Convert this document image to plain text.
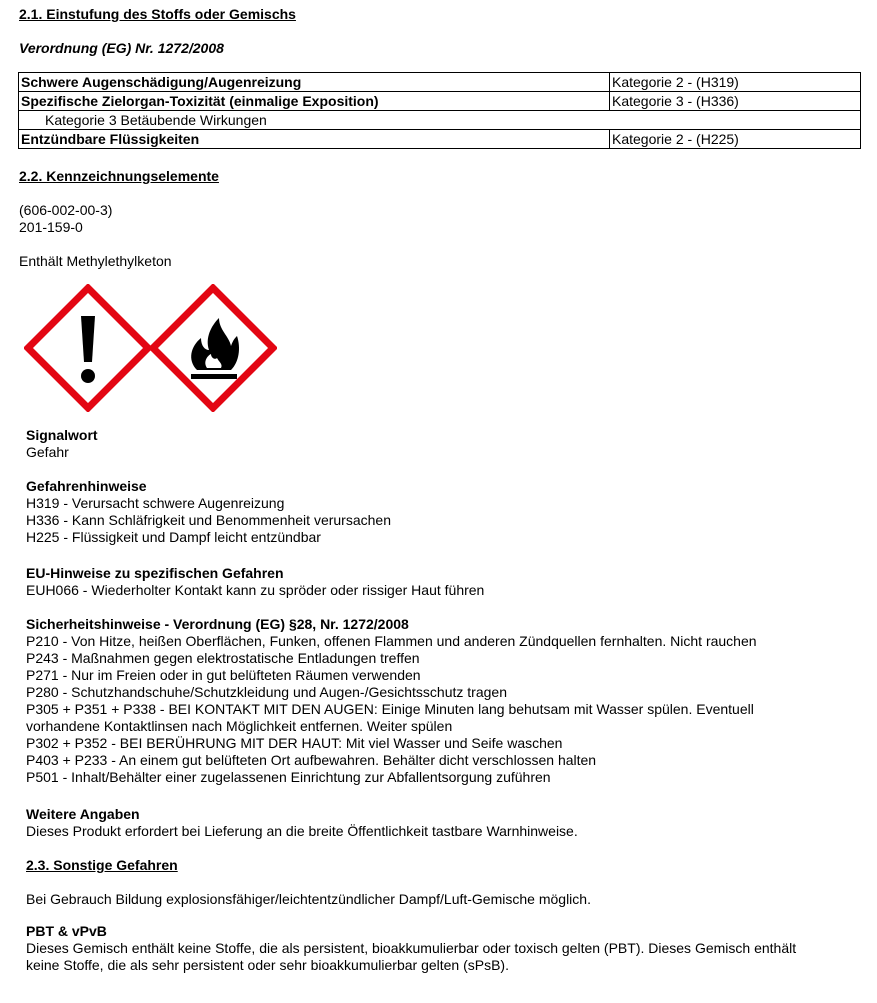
2.1. Einstufung des Stoffs oder Gemischs
Verordnung (EG) Nr. 1272/2008
Schwere Augenschädigung/Augenreizung	Kategorie 2 - (H319)
Spezifische Zielorgan-Toxizität (einmalige Exposition)	Kategorie 3 - (H336)
Kategorie 3 Betäubende Wirkungen	
Entzündbare Flüssigkeiten	Kategorie 2 - (H225)
2.2. Kennzeichnungselemente
(606-002-00-3)
201-159-0
Enthält Methylethylketon
Signalwort
Gefahr
Gefahrenhinweise
H319 - Verursacht schwere Augenreizung
H336 - Kann Schläfrigkeit und Benommenheit verursachen
H225 - Flüssigkeit und Dampf leicht entzündbar
EU-Hinweise zu spezifischen Gefahren
EUH066 - Wiederholter Kontakt kann zu spröder oder rissiger Haut führen
Sicherheitshinweise - Verordnung (EG) §28, Nr. 1272/2008
P210 - Von Hitze, heißen Oberflächen, Funken, offenen Flammen und anderen Zündquellen fernhalten. Nicht rauchen
P243 - Maßnahmen gegen elektrostatische Entladungen treffen
P271 - Nur im Freien oder in gut belüfteten Räumen verwenden
P280 - Schutzhandschuhe/Schutzkleidung und Augen-/Gesichtsschutz tragen
P305 + P351 + P338 - BEI KONTAKT MIT DEN AUGEN: Einige Minuten lang behutsam mit Wasser spülen. Eventuell
vorhandene Kontaktlinsen nach Möglichkeit entfernen. Weiter spülen
P302 + P352 - BEI BERÜHRUNG MIT DER HAUT: Mit viel Wasser und Seife waschen
P403 + P233 - An einem gut belüfteten Ort aufbewahren. Behälter dicht verschlossen halten
P501 - Inhalt/Behälter einer zugelassenen Einrichtung zur Abfallentsorgung zuführen
Weitere Angaben
Dieses Produkt erfordert bei Lieferung an die breite Öffentlichkeit tastbare Warnhinweise.
2.3. Sonstige Gefahren
Bei Gebrauch Bildung explosionsfähiger/leichtentzündlicher Dampf/Luft-Gemische möglich.
PBT & vPvB
Dieses Gemisch enthält keine Stoffe, die als persistent, bioakkumulierbar oder toxisch gelten (PBT). Dieses Gemisch enthält
keine Stoffe, die als sehr persistent oder sehr bioakkumulierbar gelten (sPsB).
